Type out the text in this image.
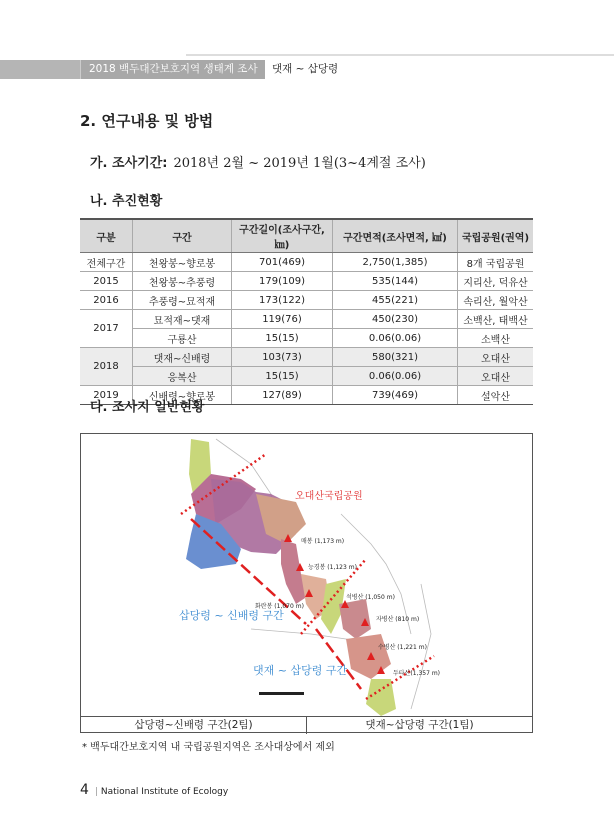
2018 백두대간보호지역 생태계 조사	댓재 ~ 삽당령
2. 연구내용 및 방법
가. 조사기간: 2018년 2월 ~ 2019년 1월(3~4계절 조사)
나. 추진현황
구분	구간	구간길이(조사구간, ㎞)	구간면적(조사면적, ㎢)	국립공원(권역)
전체구간	천왕봉~향로봉	701(469)	2,750(1,385)	8개 국립공원
2015	천왕봉~추풍령	179(109)	535(144)	지리산, 덕유산
2016	추풍령~묘적재	173(122)	455(221)	속리산, 월악산
2017	묘적재~댓재	119(76)	450(230)	소백산, 태백산
	구룡산	15(15)	0.06(0.06)	소백산
2018	댓재~신배령	103(73)	580(321)	오대산
	응복산	15(15)	0.06(0.06)	오대산
2019	신배령~향로봉	127(89)	739(469)	설악산
다. 조사지 일반현황
오대산국립공원
삽당령 ~ 신배령 구간
댓재 ~ 삽당령 구간
매봉 (1,173 m)
능경봉 (1,123 m)
화란봉 (1,070 m)
석병산 (1,050 m)
자병산 (810 m)
수병산 (1,221 m)
두타산(1,357 m)
삽당령~신배령 구간(2팀)	댓재~삽당령 구간(1팀)
* 백두대간보호지역 내 국립공원지역은 조사대상에서 제외
4 | National Institute of Ecology
